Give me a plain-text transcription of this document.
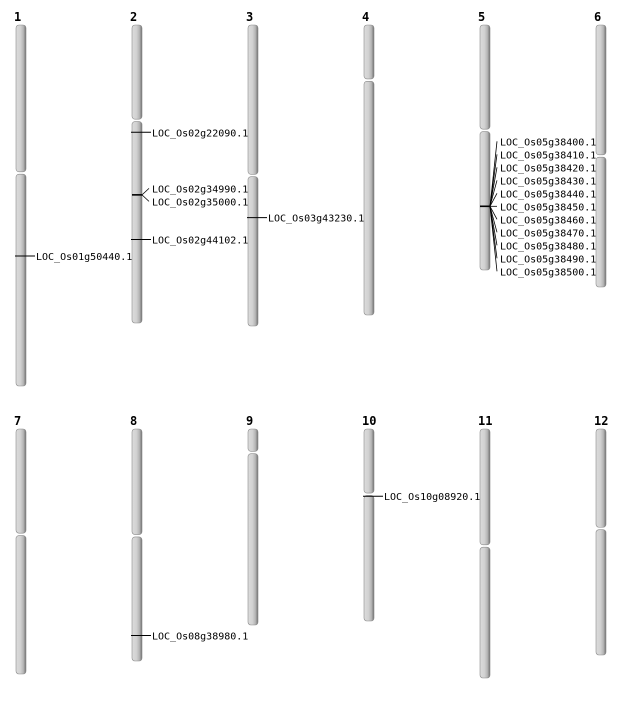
1	2	3	4	5	6
7	8	9	10	11	12
LOC_Os01g50440.1
LOC_Os02g22090.1
LOC_Os02g34990.1
LOC_Os02g35000.1
LOC_Os02g44102.1
LOC_Os03g43230.1
LOC_Os05g38400.1
LOC_Os05g38410.1
LOC_Os05g38420.1
LOC_Os05g38430.1
LOC_Os05g38440.1
LOC_Os05g38450.1
LOC_Os05g38460.1
LOC_Os05g38470.1
LOC_Os05g38480.1
LOC_Os05g38490.1
LOC_Os05g38500.1
LOC_Os08g38980.1
LOC_Os10g08920.1
